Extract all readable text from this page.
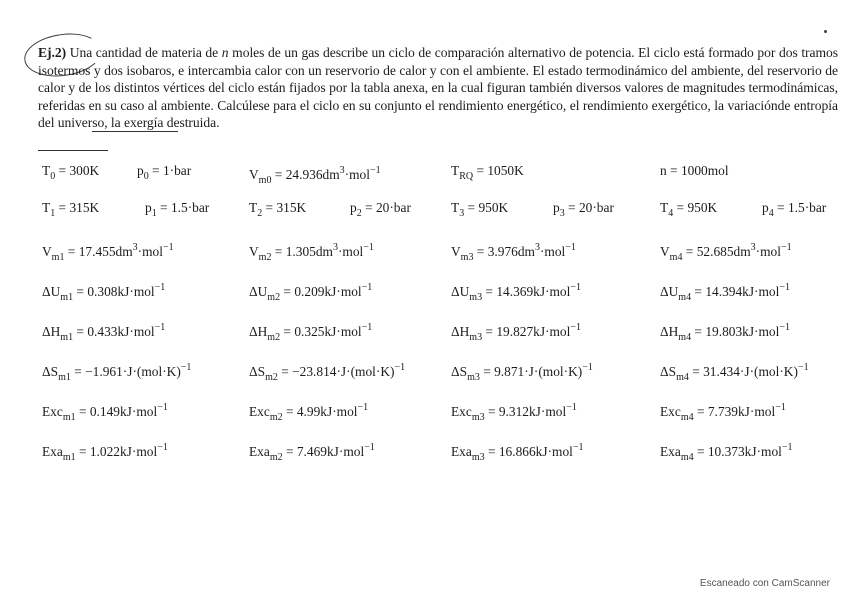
Ej.2) Una cantidad de materia de n moles de un gas describe un ciclo de comparación alternativo de potencia. El ciclo está formado por dos tramos isotermos y dos isobaros, e intercambia calor con un reservorio de calor y con el ambiente. El estado termodinámico del ambiente, del reservorio de calor y de los distintos vértices del ciclo están fijados por la tabla anexa, en la cual figuran también diversos valores de magnitudes termodinámicas, referidas en su caso al ambiente. Calcúlese para el ciclo en su conjunto el rendimiento energético, el rendimiento exergético, la variaciónde entropía del universo, la exergía destruida.
$T_0 = 300K$	$p_0 = 1\cdot bar$	$V_{m0} = 24.936dm^3\cdot mol^{-1}$	$T_{RQ} = 1050K$	n = 1000mol
$T_1 = 315K$	$p_1 = 1.5\cdot bar$	$T_2 = 315K$	$p_2 = 20\cdot bar$	$T_3 = 950K$	$p_3 = 20\cdot bar$	$T_4 = 950K$	$p_4 = 1.5\cdot bar$
$V_{m1} = 17.455dm^3\cdot mol^{-1}$	$V_{m2} = 1.305dm^3\cdot mol^{-1}$	$V_{m3} = 3.976dm^3\cdot mol^{-1}$	$V_{m4} = 52.685dm^3\cdot mol^{-1}$
$\Delta U_{m1} = 0.308kJ\cdot mol^{-1}$	$\Delta U_{m2} = 0.209kJ\cdot mol^{-1}$	$\Delta U_{m3} = 14.369kJ\cdot mol^{-1}$	$\Delta U_{m4} = 14.394kJ\cdot mol^{-1}$
$\Delta H_{m1} = 0.433kJ\cdot mol^{-1}$	$\Delta H_{m2} = 0.325kJ\cdot mol^{-1}$	$\Delta H_{m3} = 19.827kJ\cdot mol^{-1}$	$\Delta H_{m4} = 19.803kJ\cdot mol^{-1}$
$\Delta S_{m1} = -1.961\cdot J\cdot(mol\cdot K)^{-1}$	$\Delta S_{m2} = -23.814\cdot J\cdot(mol\cdot K)^{-1}$	$\Delta S_{m3} = 9.871\cdot J\cdot(mol\cdot K)^{-1}$	$\Delta S_{m4} = 31.434\cdot J\cdot(mol\cdot K)^{-1}$
Exc$_{m1}$ = 0.149kJ·mol$^{-1}$	Exc$_{m2}$ = 4.99kJ·mol$^{-1}$	Exc$_{m3}$ = 9.312kJ·mol$^{-1}$	Exc$_{m4}$ = 7.739kJ·mol$^{-1}$
Exa$_{m1}$ = 1.022kJ·mol$^{-1}$	Exa$_{m2}$ = 7.469kJ·mol$^{-1}$	Exa$_{m3}$ = 16.866kJ·mol$^{-1}$	Exa$_{m4}$ = 10.373kJ·mol$^{-1}$
Escaneado con CamScanner
